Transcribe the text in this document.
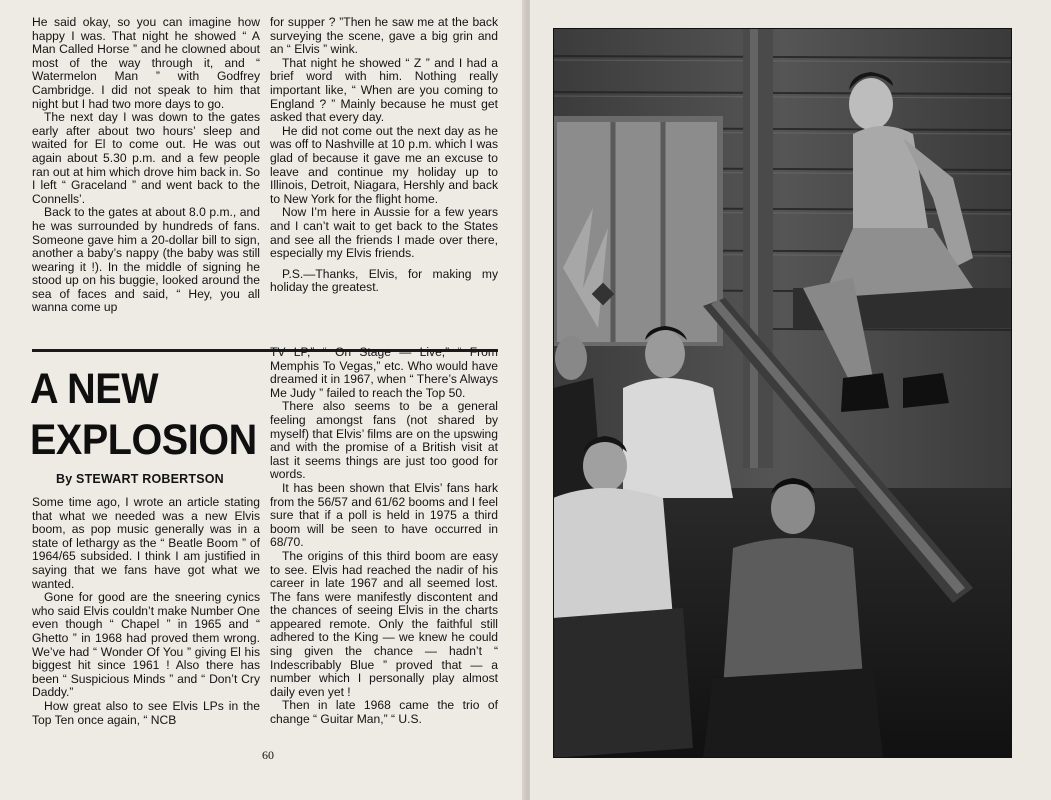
He said okay, so you can imagine how happy I was. That night he showed “ A Man Called Horse ” and he clowned about most of the way through it, and “ Watermelon Man ” with Godfrey Cambridge. I did not speak to him that night but I had two more days to go.

The next day I was down to the gates early after about two hours’ sleep and waited for El to come out. He was out again about 5.30 p.m. and a few people ran out at him which drove him back in. So I left “ Graceland ” and went back to the Connells’.

Back to the gates at about 8.0 p.m., and he was surrounded by hundreds of fans. Someone gave him a 20-dollar bill to sign, another a baby’s nappy (the baby was still wearing it !). In the middle of signing he stood up on his buggie, looked around the sea of faces and said, “ Hey, you all wanna come up

for supper ? ”Then he saw me at the back surveying the scene, gave a big grin and an “ Elvis ” wink.

That night he showed “ Z ” and I had a brief word with him. Nothing really important like, “ When are you coming to England ? ” Mainly because he must get asked that every day.

He did not come out the next day as he was off to Nashville at 10 p.m. which I was glad of because it gave me an excuse to leave and continue my holiday up to Illinois, Detroit, Niagara, Hershly and back to New York for the flight home.

Now I’m here in Aussie for a few years and I can’t wait to get back to the States and see all the friends I made over there, especially my Elvis friends.

P.S.—Thanks, Elvis, for making my holiday the greatest.

A NEW
EXPLOSION
By STEWART ROBERTSON

Some time ago, I wrote an article stating that what we needed was a new Elvis boom, as pop music generally was in a state of lethargy as the “ Beatle Boom ” of 1964/65 subsided. I think I am justified in saying that we fans have got what we wanted.

Gone for good are the sneering cynics who said Elvis couldn’t make Number One even though “ Chapel ” in 1965 and “ Ghetto ” in 1968 had proved them wrong. We’ve had “ Wonder Of You ” giving El his biggest hit since 1961 ! Also there has been “ Suspicious Minds ” and “ Don’t Cry Daddy.”

How great also to see Elvis LPs in the Top Ten once again, “ NCB

TV LP,” “ On Stage — Live,” “ From Memphis To Vegas,” etc. Who would have dreamed it in 1967, when “ There’s Always Me Judy ” failed to reach the Top 50.

There also seems to be a general feeling amongst fans (not shared by myself) that Elvis’ films are on the upswing and with the promise of a British visit at last it seems things are just too good for words.

It has been shown that Elvis’ fans hark from the 56/57 and 61/62 booms and I feel sure that if a poll is held in 1975 a third boom will be seen to have occurred in 68/70.

The origins of this third boom are easy to see. Elvis had reached the nadir of his career in late 1967 and all seemed lost. The fans were manifestly discontent and the chances of seeing Elvis in the charts appeared remote. Only the faithful still adhered to the King — we knew he could sing given the chance — hadn’t “ Indescribably Blue ” proved that — a number which I personally play almost daily even yet !

Then in late 1968 came the trio of change “ Guitar Man,” “ U.S.

60
